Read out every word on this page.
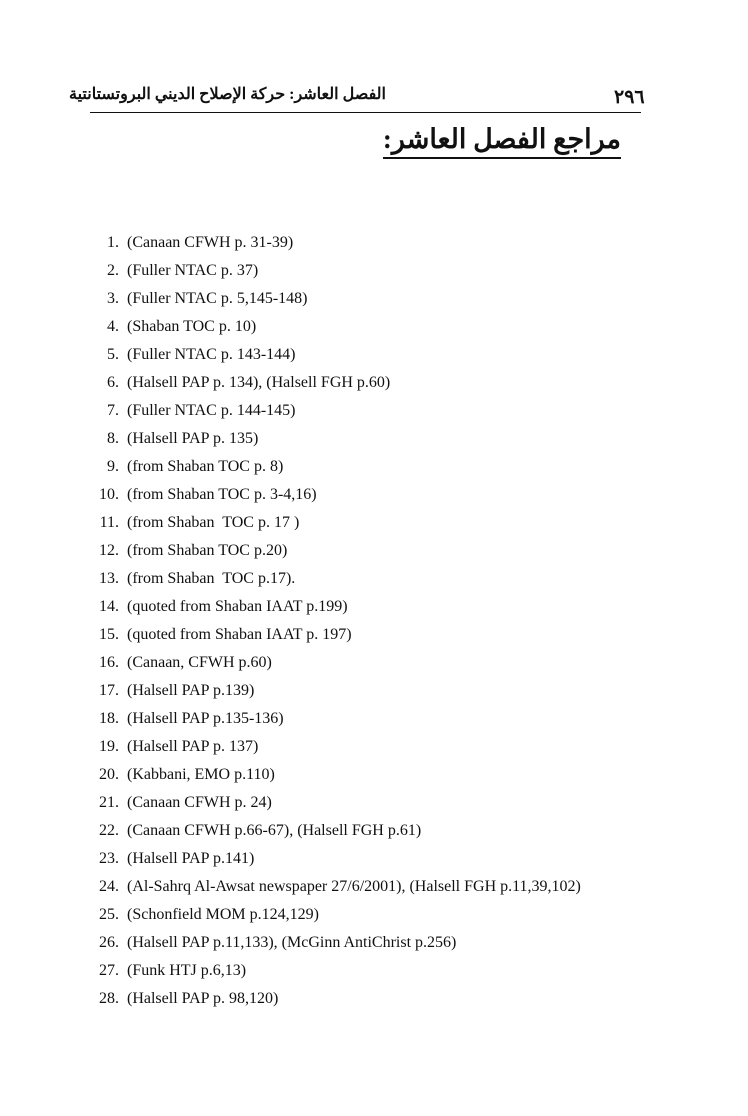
٢٩٦
الفصل العاشر: حركة الإصلاح الديني البروتستانتية
مراجع الفصل العاشر:
1. (Canaan CFWH p. 31-39)
2. (Fuller NTAC p. 37)
3. (Fuller NTAC p. 5,145-148)
4. (Shaban TOC p. 10)
5. (Fuller NTAC p. 143-144)
6. (Halsell PAP p. 134), (Halsell FGH p.60)
7. (Fuller NTAC p. 144-145)
8. (Halsell PAP p. 135)
9. (from Shaban TOC p. 8)
10. (from Shaban TOC p. 3-4,16)
11. (from Shaban  TOC p. 17 )
12. (from Shaban TOC p.20)
13. (from Shaban  TOC p.17).
14. (quoted from Shaban IAAT p.199)
15. (quoted from Shaban IAAT p. 197)
16. (Canaan, CFWH p.60)
17. (Halsell PAP p.139)
18. (Halsell PAP p.135-136)
19. (Halsell PAP p. 137)
20. (Kabbani, EMO p.110)
21. (Canaan CFWH p. 24)
22. (Canaan CFWH p.66-67), (Halsell FGH p.61)
23. (Halsell PAP p.141)
24. (Al-Sahrq Al-Awsat newspaper 27/6/2001), (Halsell FGH p.11,39,102)
25. (Schonfield MOM p.124,129)
26. (Halsell PAP p.11,133), (McGinn AntiChrist p.256)
27. (Funk HTJ p.6,13)
28. (Halsell PAP p. 98,120)
